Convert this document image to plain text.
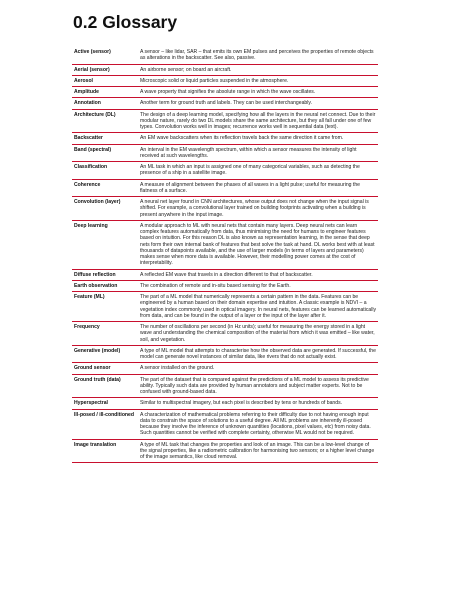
0.2 Glossary
Active (sensor)	A sensor – like lidar, SAR – that emits its own EM pulses and perceives the properties of remote objects as alterations in the backscatter. See also, passive.
Aerial (sensor)	An airborne sensor; on board an aircraft.
Aerosol	Microscopic solid or liquid particles suspended in the atmosphere.
Amplitude	A wave property that signifies the absolute range in which the wave oscillates.
Annotation	Another term for ground truth and labels. They can be used interchangeably.
Architecture (DL)	The design of a deep learning model, specifying how all the layers in the neural net connect. Due to their modular nature, rarely do two DL models share the same architecture, but they all fall under one of few types. Convolution works well in images; recurrence works well in sequential data (text).
Backscatter	An EM wave backscatters when its reflection travels back the same direction it came from.
Band (spectral)	An interval in the EM wavelength spectrum, within which a sensor measures the intensity of light received at such wavelengths.
Classification	An ML task in which an input is assigned one of many categorical variables, such as detecting the presence of a ship in a satellite image.
Coherence	A measure of alignment between the phases of all waves in a light pulse; useful for measuring the flatness of a surface.
Convolution (layer)	A neural net layer found in CNN architectures, whose output does not change when the input signal is shifted. For example, a convolutional layer trained on building footprints activating when a building is present anywhere in the input image.
Deep learning	A modular approach to ML with neural nets that contain many layers. Deep neural nets can learn complex features automatically from data, thus minimising the need for humans to engineer features based on intuition. For this reason DL is also known as representation learning, in the sense that deep nets form their own internal bank of features that best solve the task at hand. DL works best with at least thousands of datapoints available, and the use of larger models (in terms of layers and parameters) makes sense when more data is available. However, their modelling power comes at the cost of interpretability.
Diffuse reflection	A reflected EM wave that travels in a direction different to that of backscatter.
Earth observation	The combination of remote and in-situ based sensing for the Earth.
Feature (ML)	The part of a ML model that numerically represents a certain pattern in the data. Features can be engineered by a human based on their domain expertise and intuition. A classic example is NDVI – a vegetation index commonly used in optical imagery. In neural nets, features can be learned automatically from data, and can be found in the output of a layer or the input of the layer after it.
Frequency	The number of oscillations per second (in Hz units); useful for measuring the energy stored in a light wave and understanding the chemical composition of the material from which it was emitted – like water, soil, and vegetation.
Generative (model)	A type of ML model that attempts to characterise how the observed data are generated. If successful, the model can generate novel instances of similar data, like rivers that do not actually exist.
Ground sensor	A sensor installed on the ground.
Ground truth (data)	The part of the dataset that is compared against the predictions of a ML model to assess its predictive ability. Typically such data are provided by human annotators and subject matter experts. Not to be confused with ground-based data.
Hyperspectral	Similar to multispectral imagery, but each pixel is described by tens or hundreds of bands.
Ill-posed / ill-conditioned	A characterization of mathematical problems referring to their difficulty due to not having enough input data to constrain the space of solutions to a useful degree. All ML problems are inherently ill-posed because they involve the inference of unknown quantities (locations, pixel values, etc) from noisy data. Such quantities cannot be verified with complete certainty, otherwise ML would not be required.
Image translation	A type of ML task that changes the properties and look of an image. This can be a low-level change of the signal properties, like a radiometric calibration for harmonising two sensors; or a higher level change of the image semantics, like cloud removal.
